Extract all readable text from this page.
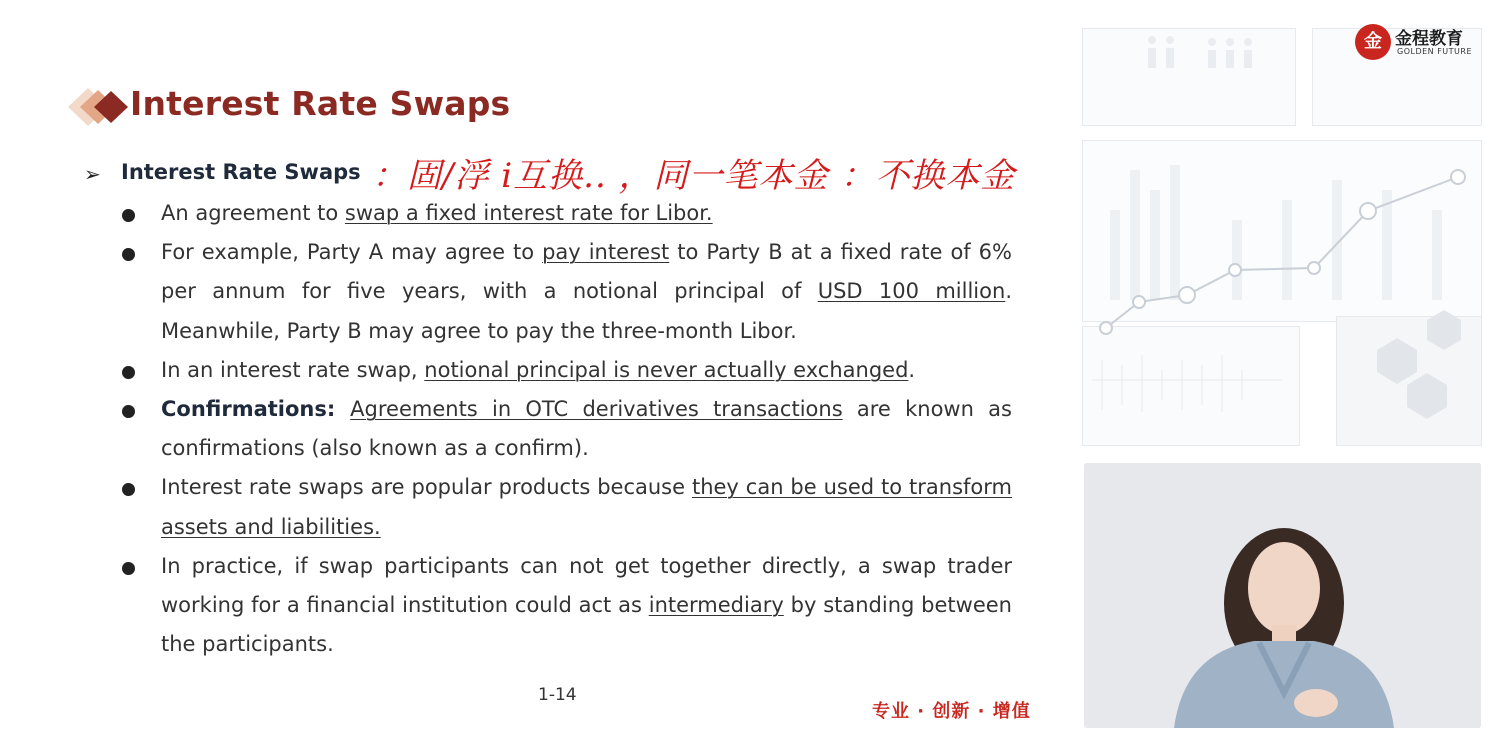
Interest Rate Swaps
➢ Interest Rate Swaps ：固/浮 i互换.. ，同一笔本金 ：不换本金
An agreement to swap a fixed interest rate for Libor.
For example, Party A may agree to pay interest to Party B at a fixed rate of 6% per annum for five years, with a notional principal of USD 100 million. Meanwhile, Party B may agree to pay the three-month Libor.
In an interest rate swap, notional principal is never actually exchanged.
Confirmations: Agreements in OTC derivatives transactions are known as confirmations (also known as a confirm).
Interest rate swaps are popular products because they can be used to transform assets and liabilities.
In practice, if swap participants can not get together directly, a swap trader working for a financial institution could act as intermediary by standing between the participants.
1-14
专业 · 创新 · 增值
金 金程教育
GOLDEN FUTURE
